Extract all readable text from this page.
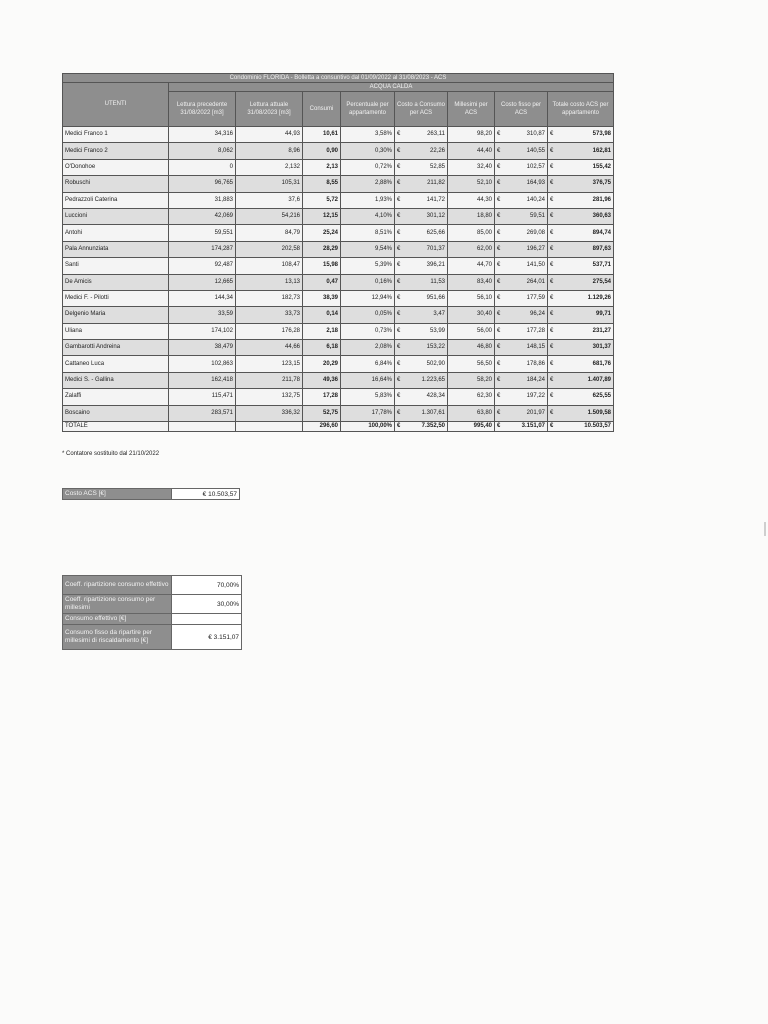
Condominio FLORIDA - Bolletta a consuntivo dal 01/09/2022 al 31/08/2023 - ACS											
UTENTI	ACQUA CALDA										
	Lettura precedente 31/08/2022 [m3]	Lettura attuale 31/08/2023 [m3]	Consumi	Percentuale per appartamento	Costo a Consumo per ACS		Millesimi per ACS	Costo fisso per ACS		Totale costo ACS per appartamento	
Medici Franco 1	34,316	44,93	10,61	3,58%	€	263,11	98,20	€	310,87	€	573,98
Medici Franco 2	8,062	8,96	0,90	0,30%	€	22,26	44,40	€	140,55	€	162,81
O'Donohoe	0	2,132	2,13	0,72%	€	52,85	32,40	€	102,57	€	155,42
Robuschi	96,765	105,31	8,55	2,88%	€	211,82	52,10	€	164,93	€	376,75
Pedrazzoli Caterina	31,883	37,6	5,72	1,93%	€	141,72	44,30	€	140,24	€	281,96
Luccioni	42,069	54,216	12,15	4,10%	€	301,12	18,80	€	59,51	€	360,63
Antohi	59,551	84,79	25,24	8,51%	€	625,66	85,00	€	269,08	€	894,74
Pala Annunziata	174,287	202,58	28,29	9,54%	€	701,37	62,00	€	196,27	€	897,63
Santi	92,487	108,47	15,98	5,39%	€	396,21	44,70	€	141,50	€	537,71
De Amicis	12,665	13,13	0,47	0,16%	€	11,53	83,40	€	264,01	€	275,54
Medici F. - Pilotti	144,34	182,73	38,39	12,94%	€	951,66	56,10	€	177,59	€	1.129,26
Delgenio Maria	33,59	33,73	0,14	0,05%	€	3,47	30,40	€	96,24	€	99,71
Uliana	174,102	176,28	2,18	0,73%	€	53,99	56,00	€	177,28	€	231,27
Gambarotti Andreina	38,479	44,66	6,18	2,08%	€	153,22	46,80	€	148,15	€	301,37
Cattaneo Luca	102,863	123,15	20,29	6,84%	€	502,90	56,50	€	178,86	€	681,76
Medici S. - Gallina	162,418	211,78	49,36	16,64%	€	1.223,65	58,20	€	184,24	€	1.407,89
Zalaffi	115,471	132,75	17,28	5,83%	€	428,34	62,30	€	197,22	€	625,55
Boscaino	283,571	336,32	52,75	17,78%	€	1.307,61	63,80	€	201,97	€	1.509,58
TOTALE			296,60	100,00%	€	7.352,50	995,40	€	3.151,07	€	10.503,57
* Contatore sostituito dal 21/10/2022
Costo ACS [€]	€ 10.503,57
Coeff. ripartizione consumo effettivo	70,00%
Coeff. ripartizione consumo per millesimi	30,00%
Consumo effettivo [€]	
Consumo fisso da ripartire per millesimi di riscaldamento [€]	€ 3.151,07
